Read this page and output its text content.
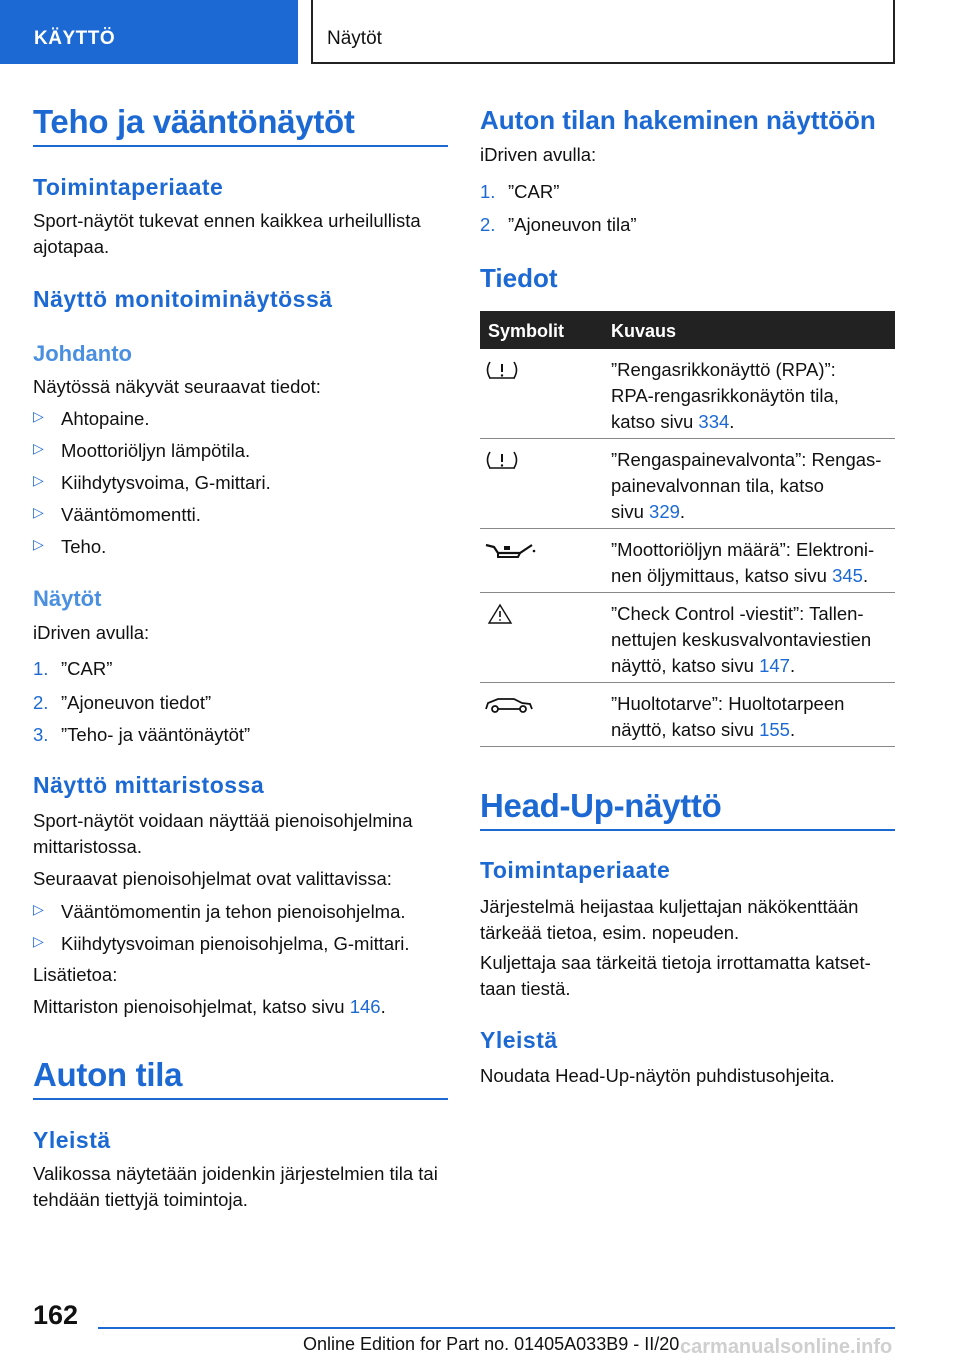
KÄYTTÖ	Näytöt
Teho ja vääntönäytöt
Toimintaperiaate
Sport-näytöt tukevat ennen kaikkea urheilullista
ajotapaa.
Näyttö monitoiminäytössä
Johdanto
Näytössä näkyvät seuraavat tiedot:
▷ Ahtopaine.
▷ Moottoriöljyn lämpötila.
▷ Kiihdytysvoima, G-mittari.
▷ Vääntömomentti.
▷ Teho.
Näytöt
iDriven avulla:
1. ”CAR”
2. ”Ajoneuvon tiedot”
3. ”Teho- ja vääntönäytöt”
Näyttö mittaristossa
Sport-näytöt voidaan näyttää pienoisohjelmina
mittaristossa.
Seuraavat pienoisohjelmat ovat valittavissa:
▷ Vääntömomentin ja tehon pienoisohjelma.
▷ Kiihdytysvoiman pienoisohjelma, G-mittari.
Lisätietoa:
Mittariston pienoisohjelmat, katso sivu 146.
Auton tila
Yleistä
Valikossa näytetään joidenkin järjestelmien tila tai
tehdään tiettyjä toimintoja.
Auton tilan hakeminen näyttöön
iDriven avulla:
1. ”CAR”
2. ”Ajoneuvon tila”
Tiedot
Symbolit	Kuvaus
”Rengasrikkonäyttö (RPA)”:
RPA-rengasrikkonäytön tila,
katso sivu 334.
”Rengaspainevalvonta”: Rengas-
painevalvonnan tila, katso
sivu 329.
”Moottoriöljyn määrä”: Elektroni-
nen öljymittaus, katso sivu 345.
”Check Control -viestit”: Tallen-
nettujen keskusvalvontaviestien
näyttö, katso sivu 147.
”Huoltotarve”: Huoltotarpeen
näyttö, katso sivu 155.
Head-Up-näyttö
Toimintaperiaate
Järjestelmä heijastaa kuljettajan näkökenttään
tärkeää tietoa, esim. nopeuden.
Kuljettaja saa tärkeitä tietoja irrottamatta katset-
taan tiestä.
Yleistä
Noudata Head-Up-näytön puhdistusohjeita.
162
Online Edition for Part no. 01405A033B9 - II/20 carmanualsonline.info
